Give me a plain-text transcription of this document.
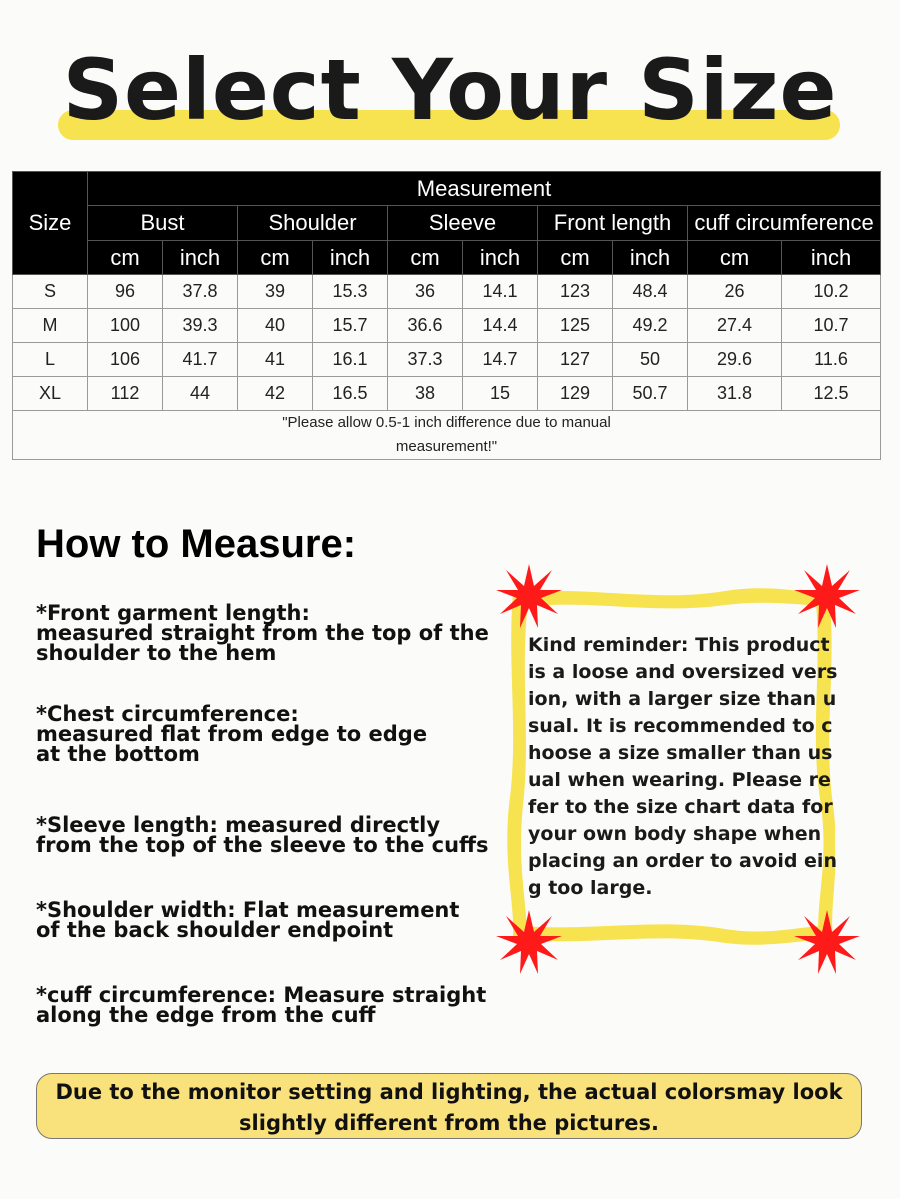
Select Your Size
Size	Measurement									
	Bust		Shoulder		Sleeve		Front length		cuff circumference	
	cm	inch	cm	inch	cm	inch	cm	inch	cm	inch
S	96	37.8	39	15.3	36	14.1	123	48.4	26	10.2
M	100	39.3	40	15.7	36.6	14.4	125	49.2	27.4	10.7
L	106	41.7	41	16.1	37.3	14.7	127	50	29.6	11.6
XL	112	44	42	16.5	38	15	129	50.7	31.8	12.5
"Please allow 0.5-1 inch difference due to manual
measurement!"										
How to Measure:
*Front garment length:
measured straight from the top of the
shoulder to the hem
*Chest circumference:
measured flat from edge to edge
at the bottom
*Sleeve length: measured directly
from the top of the sleeve to the cuffs
*Shoulder width: Flat measurement
of the back shoulder endpoint
*cuff circumference: Measure straight
along the edge from the cuff
Kind reminder: This product is a loose and oversized version, with a larger size than usual. It is recommended to choose a size smaller than usual when wearing. Please refer to the size chart data for your own body shape when placing an order to avoid eing too large.
Due to the monitor setting and lighting, the actual colorsmay look
slightly different from the pictures.
